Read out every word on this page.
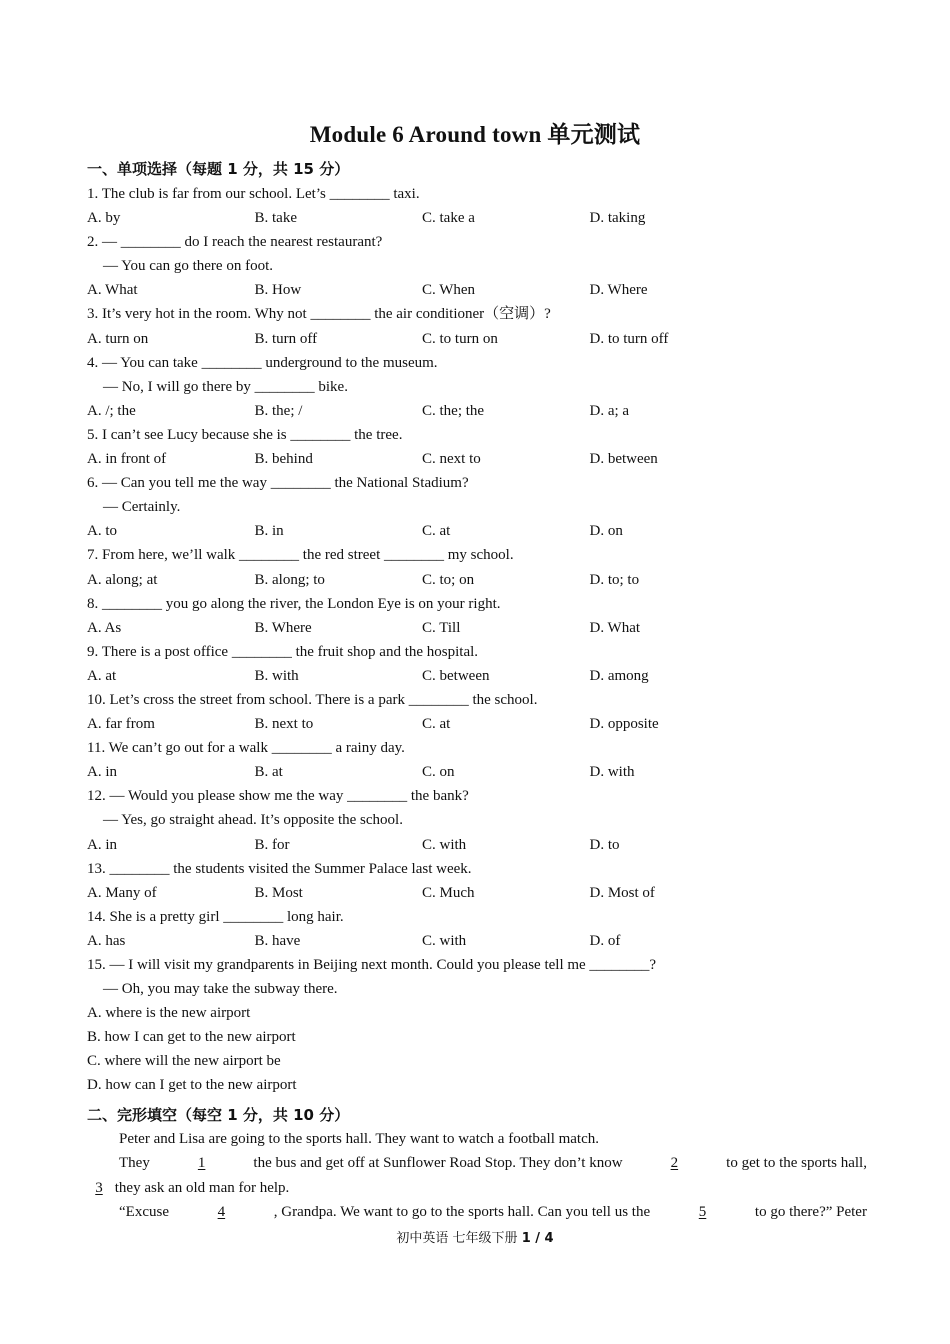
Module 6 Around town 单元测试
一、单项选择（每题 1 分，共 15 分）
1. The club is far from our school. Let’s ________ taxi.
A. by	B. take	C. take a	D. taking
2. — ________ do I reach the nearest restaurant?
— You can go there on foot.
A. What	B. How	C. When	D. Where
3. It’s very hot in the room. Why not ________ the air conditioner（空调）?
A. turn on	B. turn off	C. to turn on	D. to turn off
4. — You can take ________ underground to the museum.
— No, I will go there by ________ bike.
A. /; the	B. the; /	C. the; the	D. a; a
5. I can’t see Lucy because she is ________ the tree.
A. in front of	B. behind	C. next to	D. between
6. — Can you tell me the way ________ the National Stadium?
— Certainly.
A. to	B. in	C. at	D. on
7. From here, we’ll walk ________ the red street ________ my school.
A. along; at	B. along; to	C. to; on	D. to; to
8. ________ you go along the river, the London Eye is on your right.
A. As	B. Where	C. Till	D. What
9. There is a post office ________ the fruit shop and the hospital.
A. at	B. with	C. between	D. among
10. Let’s cross the street from school. There is a park ________ the school.
A. far from	B. next to	C. at	D. opposite
11. We can’t go out for a walk ________ a rainy day.
A. in	B. at	C. on	D. with
12. — Would you please show me the way ________ the bank?
— Yes, go straight ahead. It’s opposite the school.
A. in	B. for	C. with	D. to
13. ________ the students visited the Summer Palace last week.
A. Many of	B. Most	C. Much	D. Most of
14. She is a pretty girl ________ long hair.
A. has	B. have	C. with	D. of
15. — I will visit my grandparents in Beijing next month. Could you please tell me ________?
— Oh, you may take the subway there.
A. where is the new airport
B. how I can get to the new airport
C. where will the new airport be
D. how can I get to the new airport
二、完形填空（每空 1 分，共 10 分）
Peter and Lisa are going to the sports hall. They want to watch a football match.
They	1	the bus and get off at Sunflower Road Stop. They don’t know	2	to get to the sports hall,
3 they ask an old man for help.
“Excuse	4	, Grandpa. We want to go to the sports hall. Can you tell us the	5	to go there?” Peter
初中英语 七年级下册 1 / 4
